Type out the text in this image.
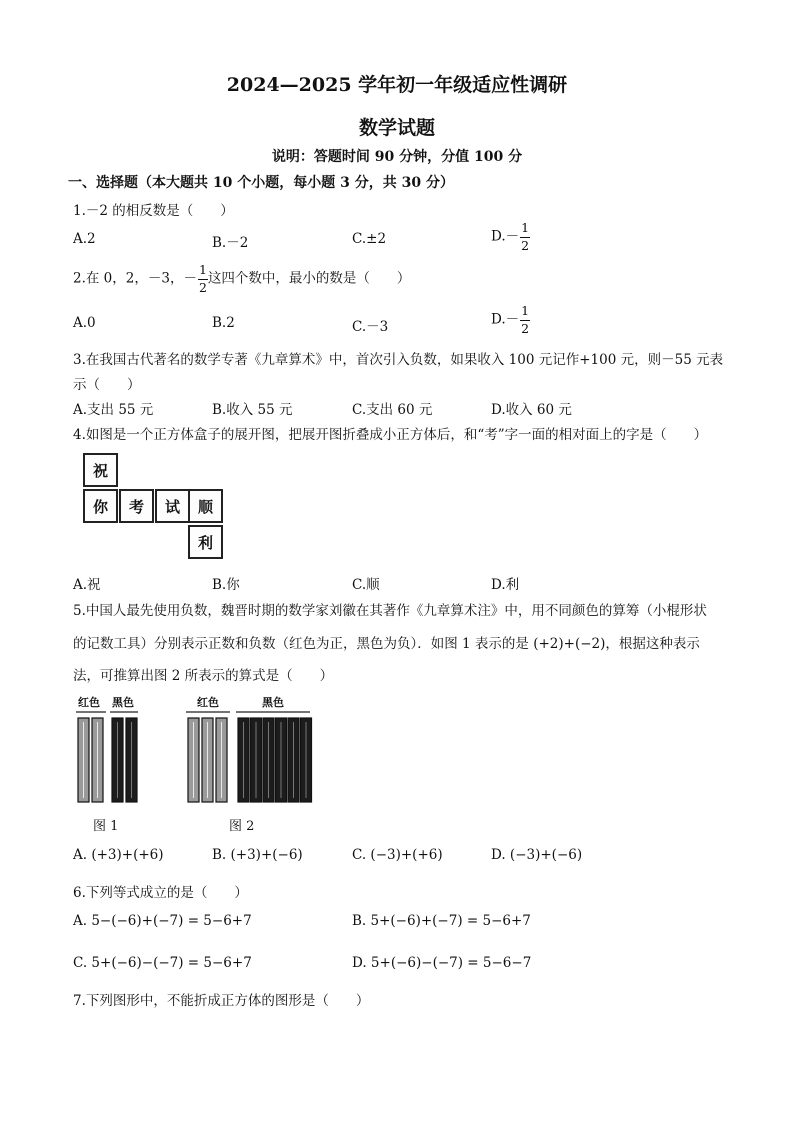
2024—2025 学年初一年级适应性调研
数学试题
说明：答题时间 90 分钟，分值 100 分
一、选择题（本大题共 10 个小题，每小题 3 分，共 30 分）
1.－2 的相反数是（　　）
A.2	B.－2	C.±2	$D.- \frac{1}{2}$
2.在 0，2，－3，－ $\frac{1}{2}$ 这四个数中，最小的数是（　　）
A.0	B.2	C.－3	$D.- \frac{1}{2}$
3.在我国古代著名的数学专著《九章算术》中，首次引入负数，如果收入 100 元记作+100 元，则－55 元表
示（　　）
A.支出 55 元	B.收入 55 元	C.支出 60 元	D.收入 60 元
4.如图是一个正方体盒子的展开图，把展开图折叠成小正方体后，和“考”字一面的相对面上的字是（　　）
祝
你	考	试	顺
利
A.祝	B.你	C.顺	D.利
5.中国人最先使用负数，魏晋时期的数学家刘徽在其著作《九章算术注》中，用不同颜色的算筹（小棍形状
的记数工具）分别表示正数和负数（红色为正，黑色为负）．如图 1 表示的是 (+2)+(−2)，根据这种表示
法，可推算出图 2 所表示的算式是（　　）
红色 黑色
图 1
红色	黑色
图 2
A. (+3)+(+6)	B. (+3)+(−6)	C. (−3)+(+6)	D. (−3)+(−6)
6.下列等式成立的是（　　）
A. 5−(−6)+(−7) = 5−6+7	B. 5+(−6)+(−7) = 5−6+7
C. 5+(−6)−(−7) = 5−6+7	D. 5+(−6)−(−7) = 5−6−7
7.下列图形中，不能折成正方体的图形是（　　）
